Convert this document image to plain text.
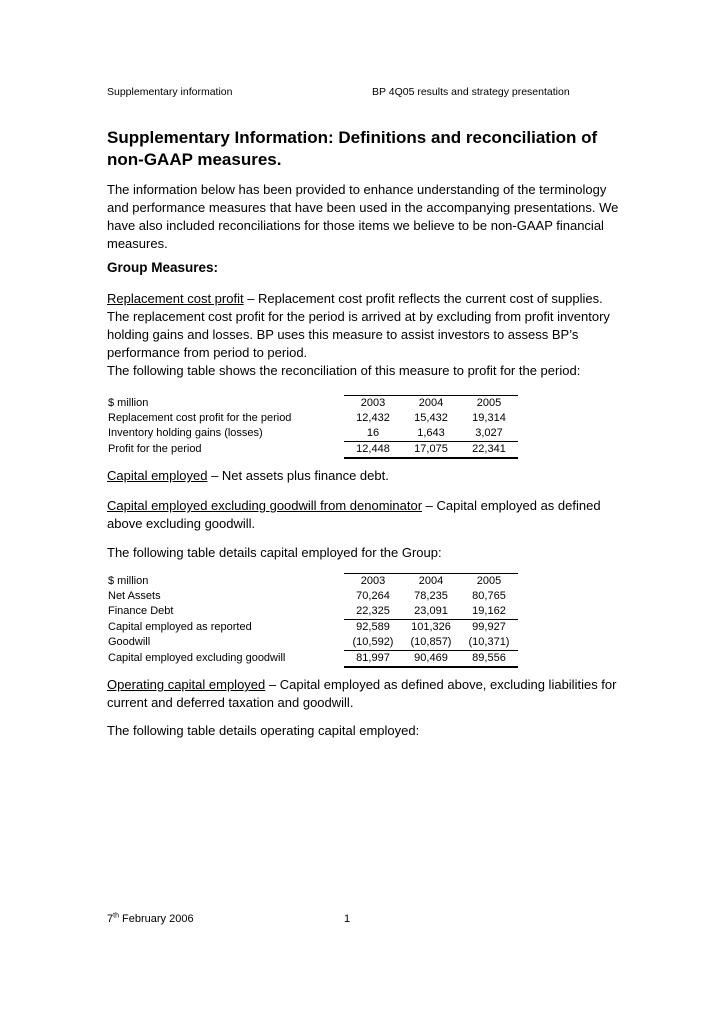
Supplementary information	BP 4Q05 results and strategy presentation
Supplementary Information: Definitions and reconciliation of non-GAAP measures.
The information below has been provided to enhance understanding of the terminology and performance measures that have been used in the accompanying presentations. We have also included reconciliations for those items we believe to be non-GAAP financial measures.
Group Measures:
Replacement cost profit – Replacement cost profit reflects the current cost of supplies. The replacement cost profit for the period is arrived at by excluding from profit inventory holding gains and losses. BP uses this measure to assist investors to assess BP’s performance from period to period.
The following table shows the reconciliation of this measure to profit for the period:
$ million	2003	2004	2005
Replacement cost profit for the period	12,432	15,432	19,314
Inventory holding gains (losses)	16	1,643	3,027
Profit for the period	12,448	17,075	22,341
Capital employed – Net assets plus finance debt.
Capital employed excluding goodwill from denominator – Capital employed as defined above excluding goodwill.
The following table details capital employed for the Group:
$ million	2003	2004	2005
Net Assets	70,264	78,235	80,765
Finance Debt	22,325	23,091	19,162
Capital employed as reported	92,589	101,326	99,927
Goodwill	(10,592)	(10,857)	(10,371)
Capital employed excluding goodwill	81,997	90,469	89,556
Operating capital employed – Capital employed as defined above, excluding liabilities for current and deferred taxation and goodwill.
The following table details operating capital employed:
7th February 2006	1
